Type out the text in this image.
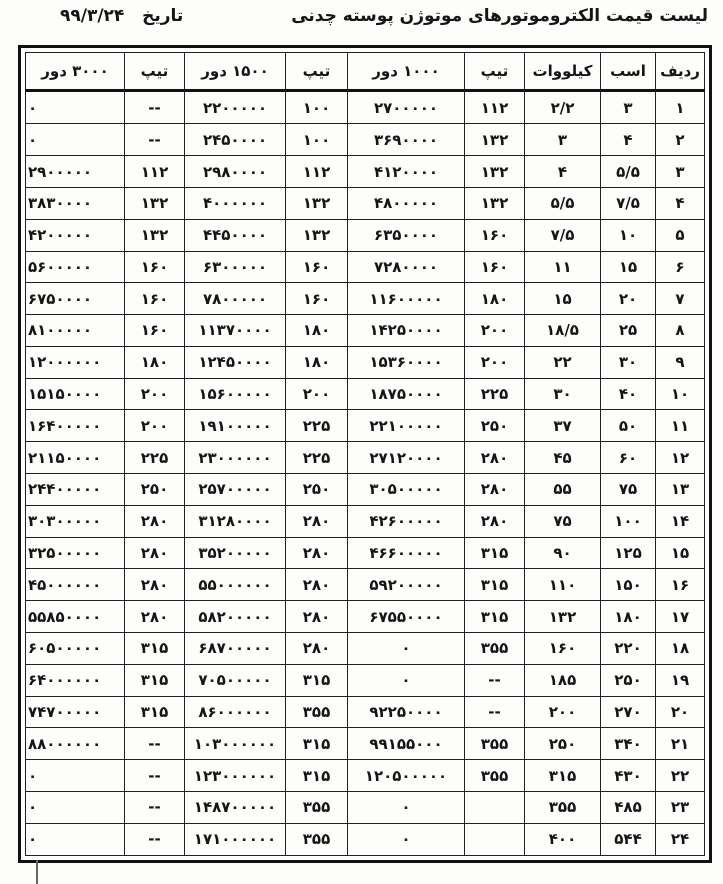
لیست قیمت الکتروموتورهای موتوژن پوسته چدنی
تاریخ   ۹۹/۳/۲۴
ردیف	اسب	کیلووات	تیپ	۱۰۰۰ دور	تیپ	۱۵۰۰ دور	تیپ	۳۰۰۰ دور
۱	۳	۲/۲	۱۱۲	۲۷۰۰۰۰۰	۱۰۰	۲۲۰۰۰۰۰	--	۰
۲	۴	۳	۱۳۲	۳۶۹۰۰۰۰	۱۰۰	۲۴۵۰۰۰۰	--	۰
۳	۵/۵	۴	۱۳۲	۴۱۲۰۰۰۰	۱۱۲	۲۹۸۰۰۰۰	۱۱۲	۲۹۰۰۰۰۰
۴	۷/۵	۵/۵	۱۳۲	۴۸۰۰۰۰۰	۱۳۲	۴۰۰۰۰۰۰	۱۳۲	۳۸۳۰۰۰۰
۵	۱۰	۷/۵	۱۶۰	۶۳۵۰۰۰۰	۱۳۲	۴۴۵۰۰۰۰	۱۳۲	۴۲۰۰۰۰۰
۶	۱۵	۱۱	۱۶۰	۷۲۸۰۰۰۰	۱۶۰	۶۳۰۰۰۰۰	۱۶۰	۵۶۰۰۰۰۰
۷	۲۰	۱۵	۱۸۰	۱۱۶۰۰۰۰۰	۱۶۰	۷۸۰۰۰۰۰	۱۶۰	۶۷۵۰۰۰۰
۸	۲۵	۱۸/۵	۲۰۰	۱۴۲۵۰۰۰۰	۱۸۰	۱۱۳۷۰۰۰۰	۱۶۰	۸۱۰۰۰۰۰
۹	۳۰	۲۲	۲۰۰	۱۵۳۶۰۰۰۰	۱۸۰	۱۲۴۵۰۰۰۰	۱۸۰	۱۲۰۰۰۰۰۰
۱۰	۴۰	۳۰	۲۲۵	۱۸۷۵۰۰۰۰	۲۰۰	۱۵۶۰۰۰۰۰	۲۰۰	۱۵۱۵۰۰۰۰
۱۱	۵۰	۳۷	۲۵۰	۲۲۱۰۰۰۰۰	۲۲۵	۱۹۱۰۰۰۰۰	۲۰۰	۱۶۴۰۰۰۰۰
۱۲	۶۰	۴۵	۲۸۰	۲۷۱۲۰۰۰۰	۲۲۵	۲۳۰۰۰۰۰۰	۲۲۵	۲۱۱۵۰۰۰۰
۱۳	۷۵	۵۵	۲۸۰	۳۰۵۰۰۰۰۰	۲۵۰	۲۵۷۰۰۰۰۰	۲۵۰	۲۴۴۰۰۰۰۰
۱۴	۱۰۰	۷۵	۲۸۰	۴۲۶۰۰۰۰۰	۲۸۰	۳۱۲۸۰۰۰۰	۲۸۰	۳۰۳۰۰۰۰۰
۱۵	۱۲۵	۹۰	۳۱۵	۴۶۶۰۰۰۰۰	۲۸۰	۳۵۲۰۰۰۰۰	۲۸۰	۳۲۵۰۰۰۰۰
۱۶	۱۵۰	۱۱۰	۳۱۵	۵۹۲۰۰۰۰۰	۲۸۰	۵۵۰۰۰۰۰۰	۲۸۰	۴۵۰۰۰۰۰۰
۱۷	۱۸۰	۱۳۲	۳۱۵	۶۷۵۵۰۰۰۰	۲۸۰	۵۸۲۰۰۰۰۰	۲۸۰	۵۵۸۵۰۰۰۰
۱۸	۲۲۰	۱۶۰	۳۵۵	۰	۲۸۰	۶۸۷۰۰۰۰۰	۳۱۵	۶۰۵۰۰۰۰۰
۱۹	۲۵۰	۱۸۵	--	۰	۳۱۵	۷۰۵۰۰۰۰۰	۳۱۵	۶۴۰۰۰۰۰۰
۲۰	۲۷۰	۲۰۰	--	۹۲۲۵۰۰۰۰	۳۵۵	۸۶۰۰۰۰۰۰	۳۱۵	۷۴۷۰۰۰۰۰
۲۱	۳۴۰	۲۵۰	۳۵۵	۹۹۱۵۵۰۰۰	۳۱۵	۱۰۳۰۰۰۰۰۰	--	۸۸۰۰۰۰۰۰
۲۲	۴۳۰	۳۱۵	۳۵۵	۱۲۰۵۰۰۰۰۰	۳۱۵	۱۲۳۰۰۰۰۰۰	--	۰
۲۳	۴۸۵	۳۵۵		۰	۳۵۵	۱۴۸۷۰۰۰۰۰	--	۰
۲۴	۵۴۴	۴۰۰		۰	۳۵۵	۱۷۱۰۰۰۰۰۰	--	۰
